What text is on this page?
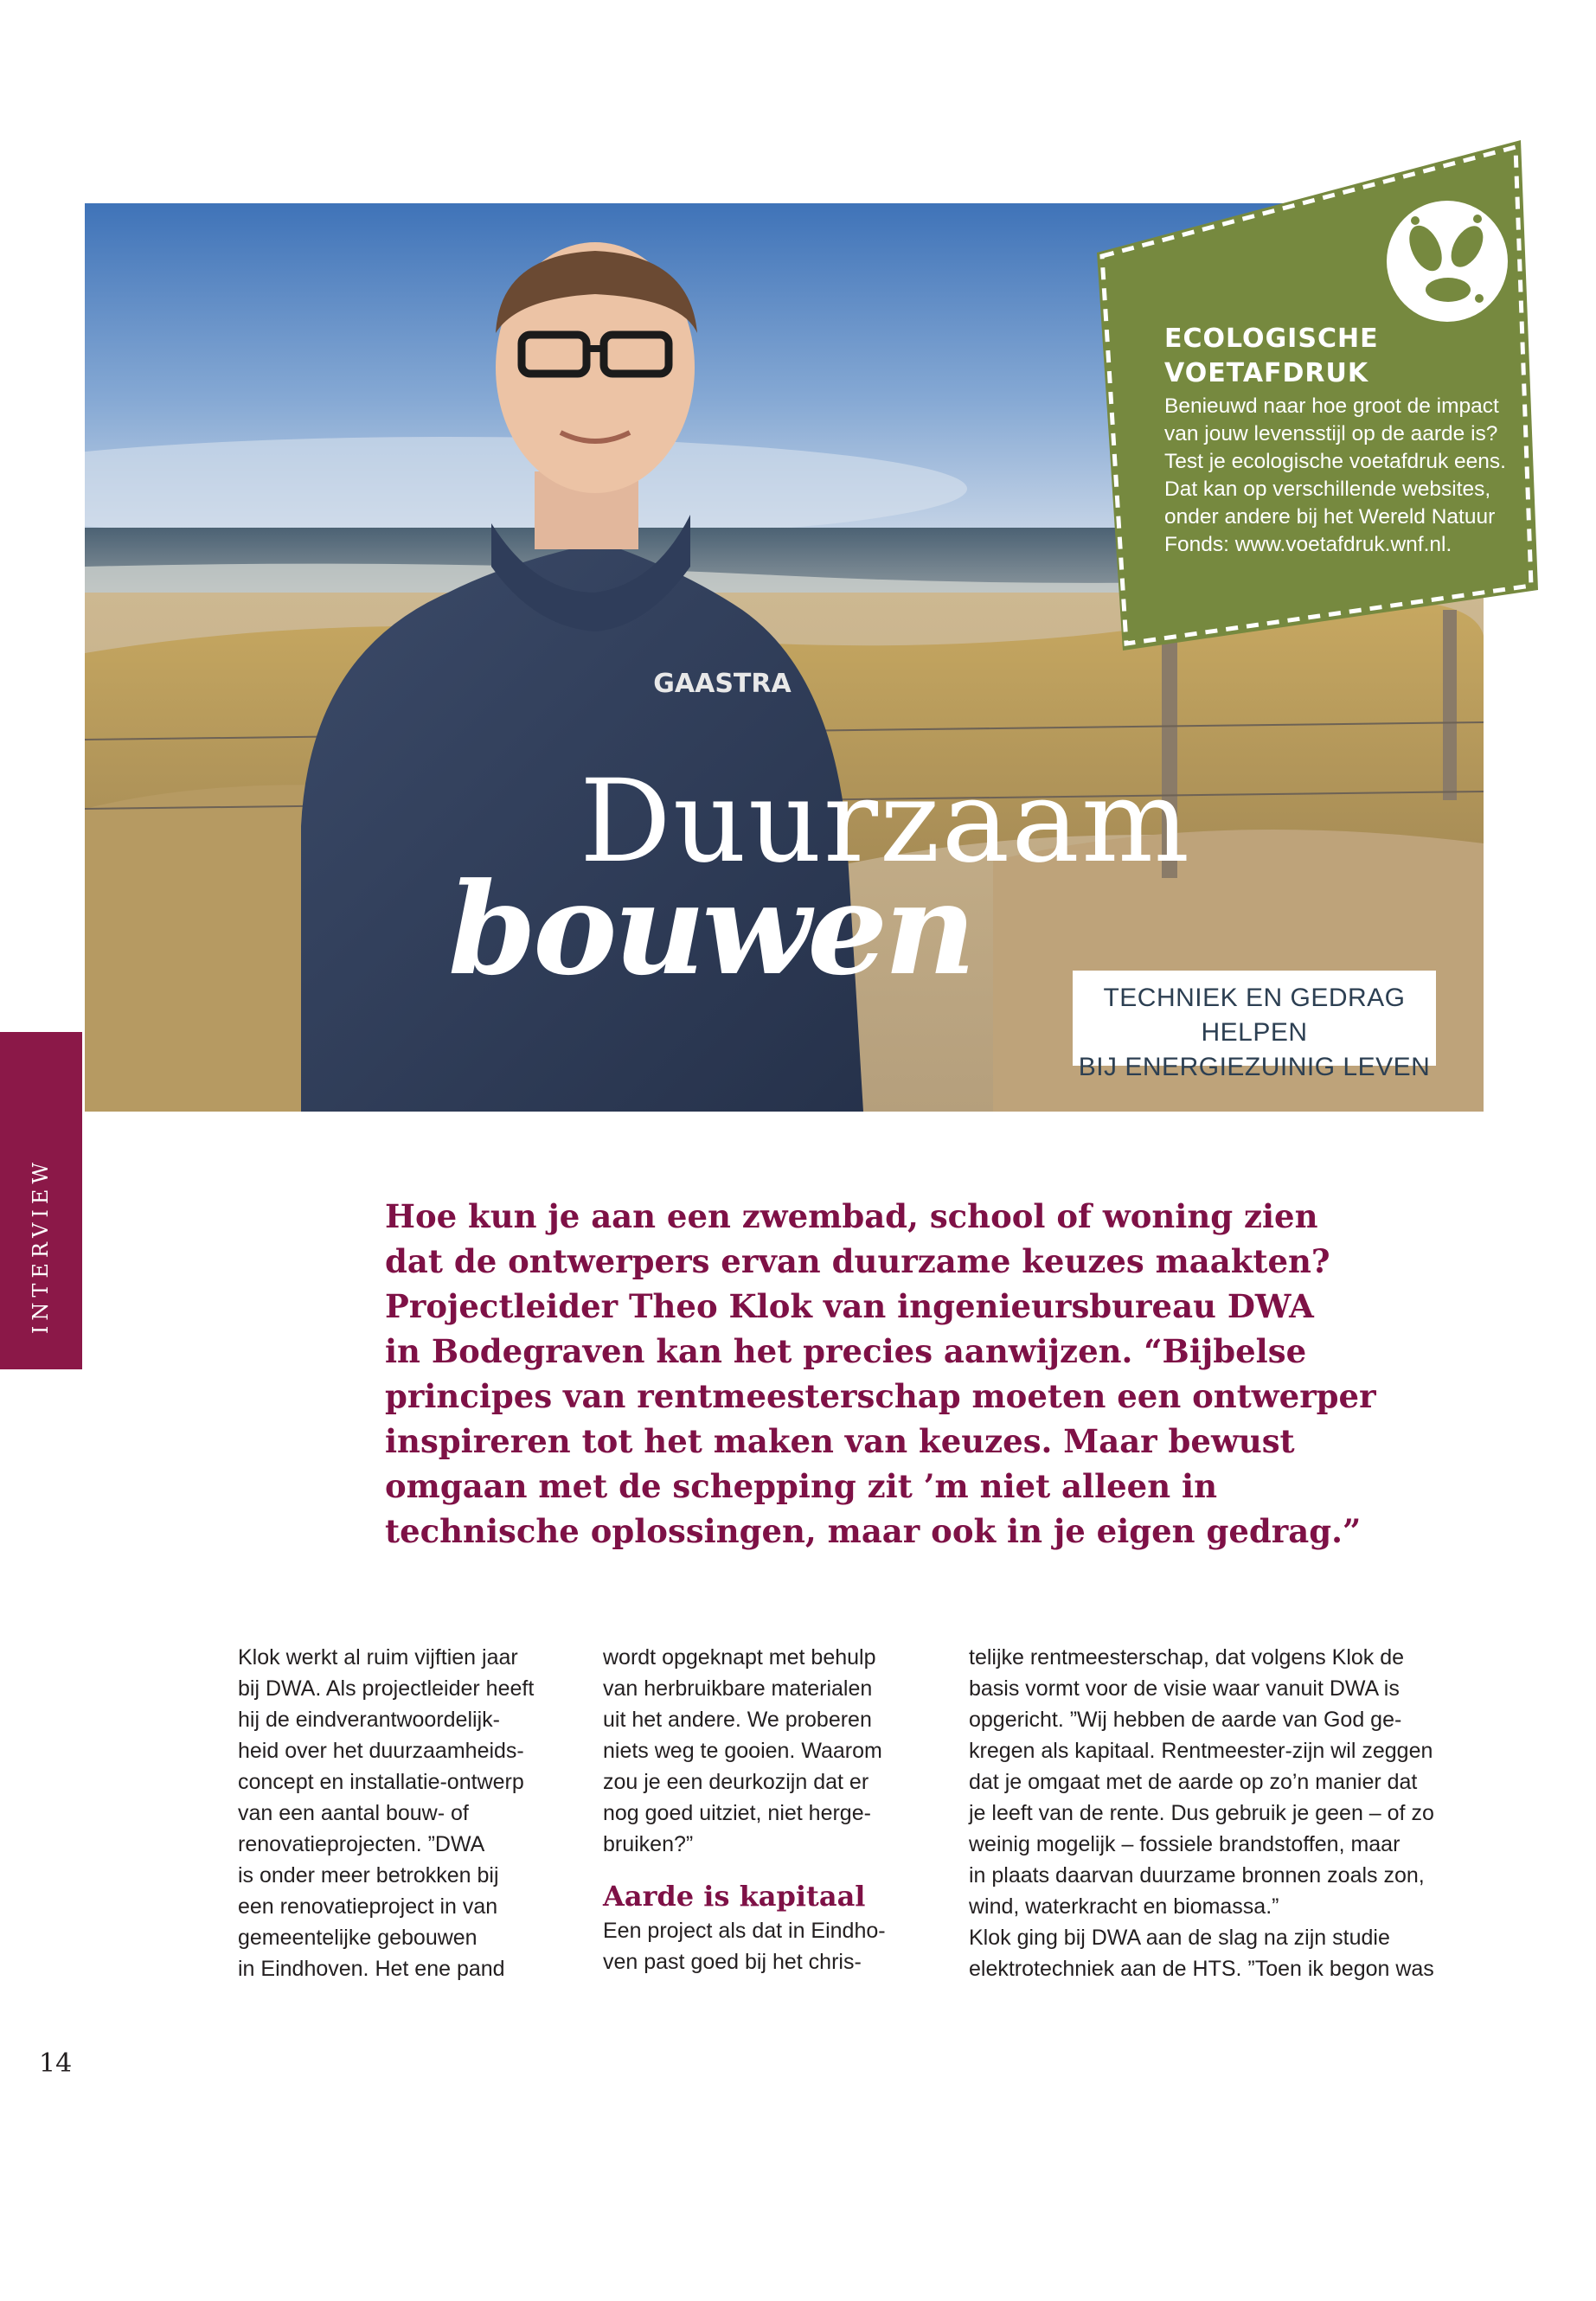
GAASTRA
ECOLOGISCHE
VOETAFDRUK
Benieuwd naar hoe groot de impact
van jouw levensstijl op de aarde is?
Test je ecologische voetafdruk eens.
Dat kan op verschillende websites,
onder andere bij het Wereld Natuur
Fonds: www.voetafdruk.wnf.nl.
Duurzaam
bouwen	TECHNIEK EN GEDRAG HELPEN
BIJ ENERGIEZUINIG LEVEN
INTERVIEW	Hoe kun je aan een zwembad, school of woning zien
dat de ontwerpers ervan duurzame keuzes maakten?
Projectleider Theo Klok van ingenieursbureau DWA
in Bodegraven kan het precies aanwijzen. “Bijbelse
principes van rentmeesterschap moeten een ontwerper
inspireren tot het maken van keuzes. Maar bewust
omgaan met de schepping zit ’m niet alleen in
technische oplossingen, maar ook in je eigen gedrag.”
Klok werkt al ruim vijftien jaar
bij DWA. Als projectleider heeft
hij de eindverantwoordelijk-
heid over het duurzaamheids-
concept en installatie-ontwerp
van een aantal bouw- of
renovatieprojecten. ”DWA
is onder meer betrokken bij
een renovatieproject in van
gemeentelijke gebouwen
in Eindhoven. Het ene pand
wordt opgeknapt met behulp
van herbruikbare materialen
uit het andere. We proberen
niets weg te gooien. Waarom
zou je een deurkozijn dat er
nog goed uitziet, niet herge-
bruiken?”
Aarde is kapitaal
Een project als dat in Eindho-
ven past goed bij het chris-
telijke rentmeesterschap, dat volgens Klok de
basis vormt voor de visie waar vanuit DWA is
opgericht. ”Wij hebben de aarde van God ge-
kregen als kapitaal. Rentmeester-zijn wil zeggen
dat je omgaat met de aarde op zo’n manier dat
je leeft van de rente. Dus gebruik je geen – of zo
weinig mogelijk – fossiele brandstoffen, maar
in plaats daarvan duurzame bronnen zoals zon,
wind, waterkracht en biomassa.”
Klok ging bij DWA aan de slag na zijn studie
elektrotechniek aan de HTS. ”Toen ik begon was
14
